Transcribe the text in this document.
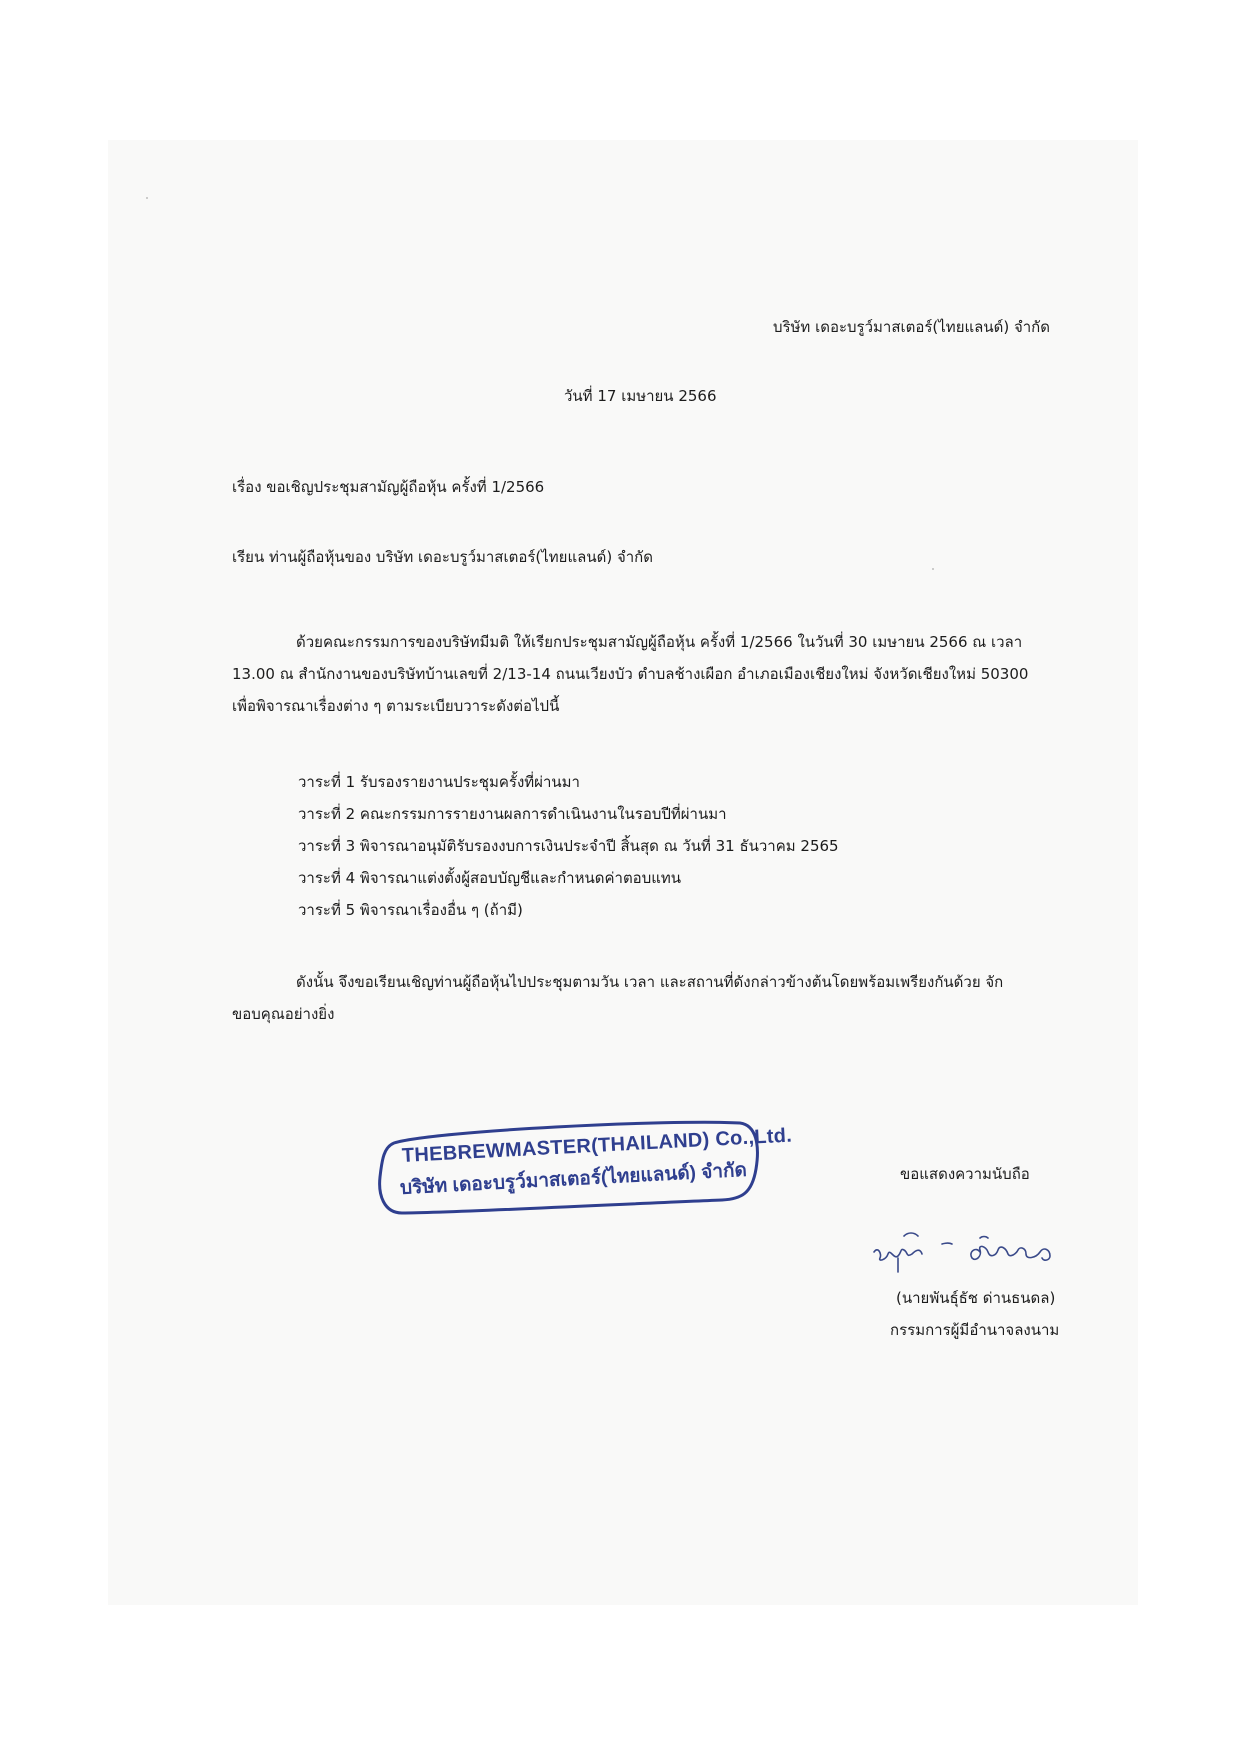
บริษัท เดอะบรูว์มาสเตอร์(ไทยแลนด์) จำกัด
วันที่ 17 เมษายน 2566
เรื่อง ขอเชิญประชุมสามัญผู้ถือหุ้น ครั้งที่ 1/2566
เรียน ท่านผู้ถือหุ้นของ บริษัท เดอะบรูว์มาสเตอร์(ไทยแลนด์) จำกัด
ด้วยคณะกรรมการของบริษัทมีมติ ให้เรียกประชุมสามัญผู้ถือหุ้น ครั้งที่ 1/2566 ในวันที่ 30 เมษายน 2566 ณ เวลา
13.00 ณ สำนักงานของบริษัทบ้านเลขที่ 2/13-14 ถนนเวียงบัว ตำบลช้างเผือก อำเภอเมืองเชียงใหม่ จังหวัดเชียงใหม่ 50300
เพื่อพิจารณาเรื่องต่าง ๆ ตามระเบียบวาระดังต่อไปนี้
วาระที่ 1 รับรองรายงานประชุมครั้งที่ผ่านมา
วาระที่ 2 คณะกรรมการรายงานผลการดำเนินงานในรอบปีที่ผ่านมา
วาระที่ 3 พิจารณาอนุมัติรับรองงบการเงินประจำปี สิ้นสุด ณ วันที่ 31 ธันวาคม 2565
วาระที่ 4 พิจารณาแต่งตั้งผู้สอบบัญชีและกำหนดค่าตอบแทน
วาระที่ 5 พิจารณาเรื่องอื่น ๆ (ถ้ามี)
ดังนั้น จึงขอเรียนเชิญท่านผู้ถือหุ้นไปประชุมตามวัน เวลา และสถานที่ดังกล่าวข้างต้นโดยพร้อมเพรียงกันด้วย จัก
ขอบคุณอย่างยิ่ง
THEBREWMASTER(THAILAND) Co.,Ltd.
บริษัท เดอะบรูว์มาสเตอร์(ไทยแลนด์) จำกัด	ขอแสดงความนับถือ
(นายพันธุ์ธัช ด่านธนดล)
กรรมการผู้มีอำนาจลงนาม
